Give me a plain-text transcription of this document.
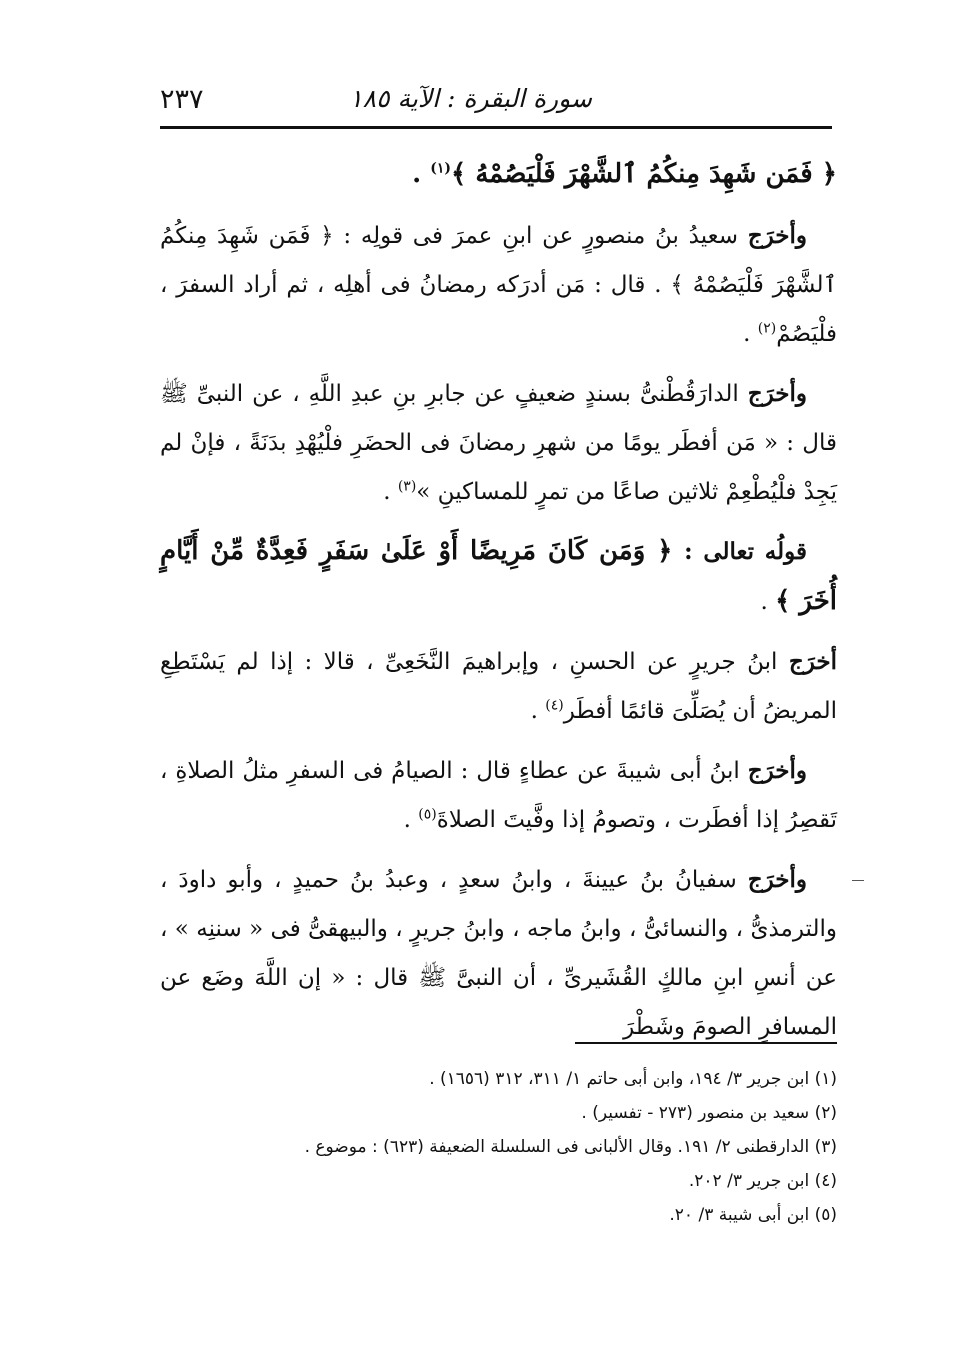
٢٣٧	سورة البقرة : الآية ١٨٥

﴿ فَمَن شَهِدَ مِنكُمُ ٱلشَّهْرَ فَلْيَصُمْهُ ﴾$^{(١)}$ .

وأخرَج سعيدُ بنُ منصورٍ عن ابنِ عمرَ فى قولِه : ﴿ فَمَن شَهِدَ مِنكُمُ ٱلشَّهْرَ فَلْيَصُمْهُ ﴾ . قال : مَن أدرَكه رمضانُ فى أهلِه ، ثم أراد السفرَ ، فلْيَصُمْ$^{(٢)}$ .

وأخرَج الدارَقُطْنىُّ بسندٍ ضعيفٍ عن جابرِ بنِ عبدِ اللَّهِ ، عن النبىِّ ﷺ قال : « مَن أفطَر يومًا من شهرِ رمضانَ فى الحضَرِ فلْيُهْدِ بدَنَةً ، فإنْ لم يَجِدْ فلْيُطْعِمْ ثلاثين صاعًا من تمرٍ للمساكينِ »$^{(٣)}$ .

قولُه تعالى : ﴿ وَمَن كَانَ مَرِيضًا أَوْ عَلَىٰ سَفَرٍ فَعِدَّةٌ مِّنْ أَيَّامٍ أُخَرَ ﴾ .

أخرَج ابنُ جريرٍ عن الحسنِ ، وإبراهيمَ النَّخَعِىِّ ، قالا : إذا لم يَسْتَطِعِ المريضُ أن يُصَلِّىَ قائمًا أفطَر$^{(٤)}$ .

وأخرَج ابنُ أبى شيبةَ عن عطاءٍ قال : الصيامُ فى السفرِ مثلُ الصلاةِ ، تَقصِرُ إذا أفطَرت ، وتصومُ إذا وفَّيتَ الصلاةَ$^{(٥)}$ .

وأخرَج سفيانُ بنُ عيينةَ ، وابنُ سعدٍ ، وعبدُ بنُ حميدٍ ، وأبو داودَ ، والترمذىُّ ، والنسائىُّ ، وابنُ ماجه ، وابنُ جريرٍ ، والبيهقىُّ فى « سننِه » ، عن أنسِ ابنِ مالكٍ القُشَيرىِّ ، أن النبىَّ ﷺ قال : « إن اللَّهَ وضَع عن المسافرِ الصومَ وشَطْرَ

(١) ابن جرير ٣/ ١٩٤، وابن أبى حاتم ١/ ٣١١، ٣١٢ (١٦٥٦) .

(٢) سعيد بن منصور (٢٧٣ - تفسير) .

(٣) الدارقطنى ٢/ ١٩١. وقال الألبانى فى السلسلة الضعيفة (٦٢٣) : موضوع .

(٤) ابن جرير ٣/ ٢٠٢.

(٥) ابن أبى شيبة ٣/ ٢٠.
